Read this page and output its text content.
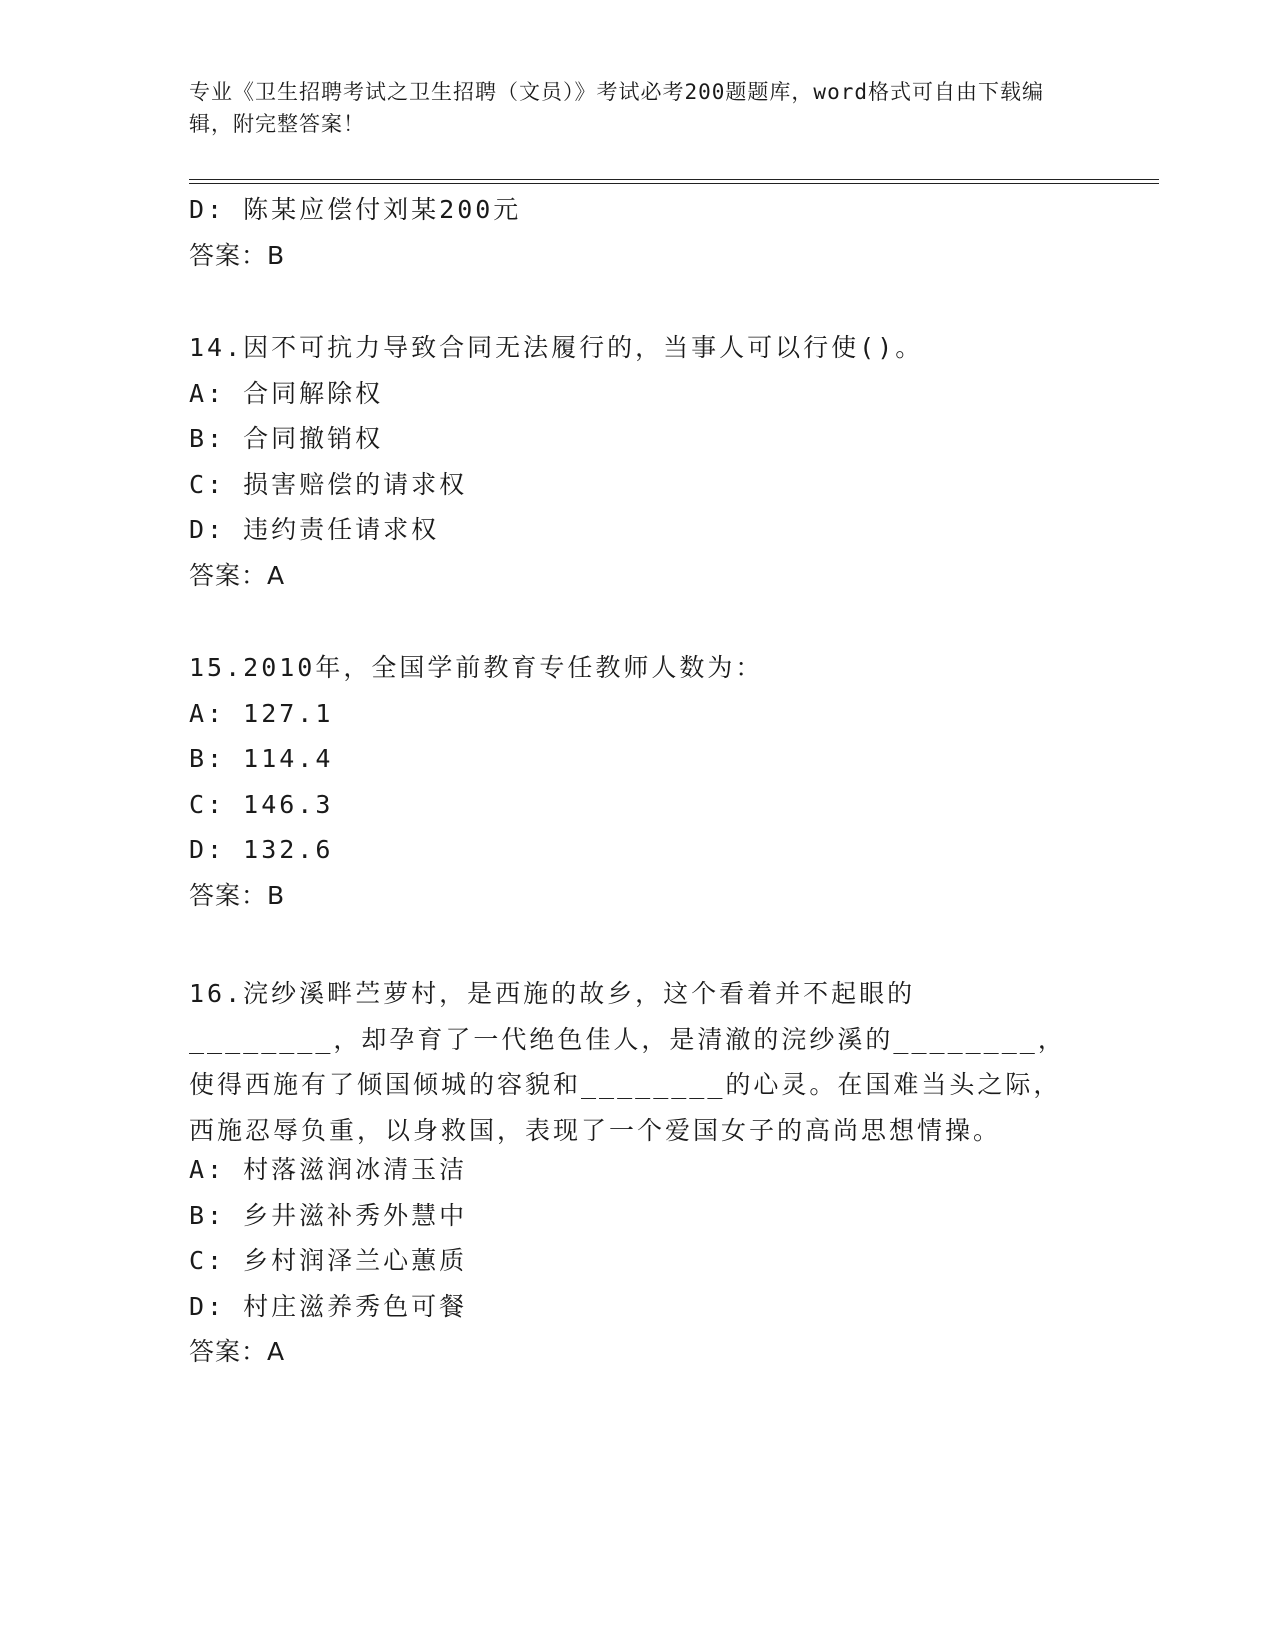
专业《卫生招聘考试之卫生招聘（文员）》考试必考200题题库，word格式可自由下载编辑，附完整答案！
D: 陈某应偿付刘某200元
答案：B
14.因不可抗力导致合同无法履行的，当事人可以行使()。
A: 合同解除权
B: 合同撤销权
C: 损害赔偿的请求权
D: 违约责任请求权
答案：A
15.2010年，全国学前教育专任教师人数为：
A: 127.1
B: 114.4
C: 146.3
D: 132.6
答案：B
16.浣纱溪畔苎萝村，是西施的故乡，这个看着并不起眼的________，却孕育了一代绝色佳人，是清澈的浣纱溪的________，使得西施有了倾国倾城的容貌和________的心灵。在国难当头之际，西施忍辱负重，以身救国，表现了一个爱国女子的高尚思想情操。
A: 村落滋润冰清玉洁
B: 乡井滋补秀外慧中
C: 乡村润泽兰心蕙质
D: 村庄滋养秀色可餐
答案：A
